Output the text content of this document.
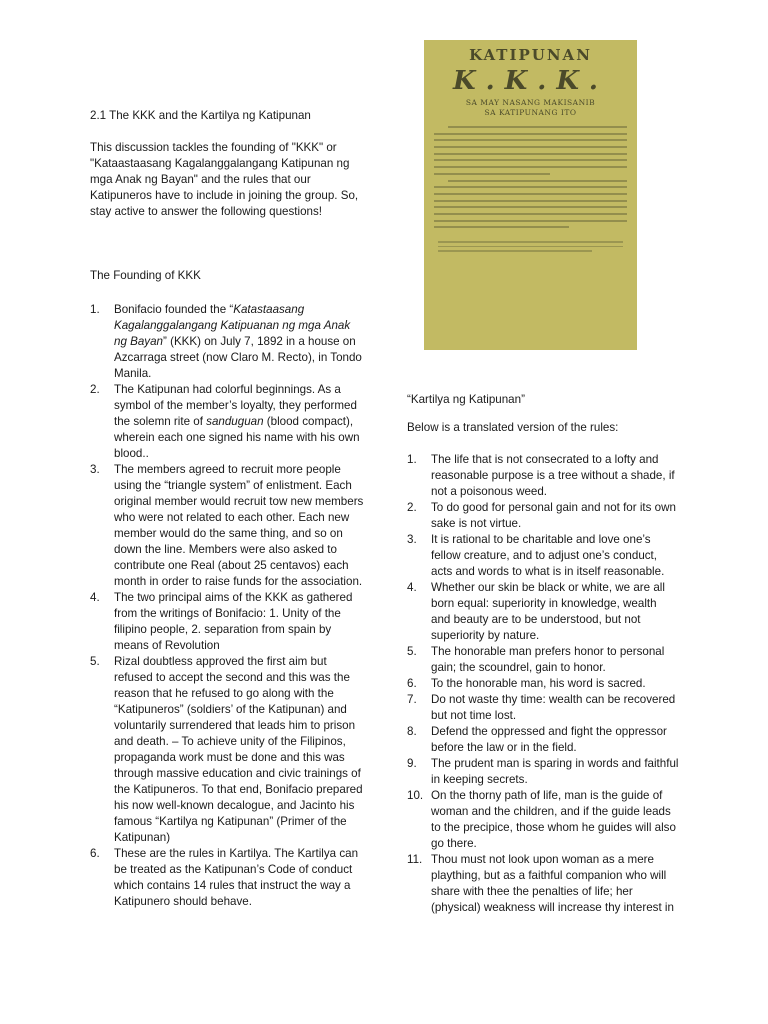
KATIPUNAN
K.K.K.
SA MAY NASANG MAKISANIB
SA KATIPUNANG ITO

2.1 The KKK and the Kartilya ng Katipunan

This discussion tackles the founding of "KKK" or "Kataastaasang Kagalanggalangang Katipunan ng mga Anak ng Bayan" and the rules that our Katipuneros have to include in joining the group. So, stay active to answer the following questions!

The Founding of KKK

1. Bonifacio founded the “Katastaasang Kagalanggalangang Katipuanan ng mga Anak ng Bayan” (KKK) on July 7, 1892 in a house on Azcarraga street (now Claro M. Recto), in Tondo Manila.
2. The Katipunan had colorful beginnings. As a symbol of the member’s loyalty, they performed the solemn rite of sanduguan (blood compact), wherein each one signed his name with his own blood..
3. The members agreed to recruit more people using the “triangle system” of enlistment. Each original member would recruit tow new members who were not related to each other. Each new member would do the same thing, and so on down the line. Members were also asked to contribute one Real (about 25 centavos) each month in order to raise funds for the association.
4. The two principal aims of the KKK as gathered from the writings of Bonifacio: 1. Unity of the filipino people, 2. separation from spain by means of Revolution
5. Rizal doubtless approved the first aim but refused to accept the second and this was the reason that he refused to go along with the “Katipuneros” (soldiers’ of the Katipunan) and voluntarily surrendered that leads him to prison and death. – To achieve unity of the Filipinos, propaganda work must be done and this was through massive education and civic trainings of the Katipuneros. To that end, Bonifacio prepared his now well-known decalogue, and Jacinto his famous “Kartilya ng Katipunan” (Primer of the Katipunan)
6. These are the rules in Kartilya. The Kartilya can be treated as the Katipunan’s Code of conduct which contains 14 rules that instruct the way a Katipunero should behave.

“Kartilya ng Katipunan”

Below is a translated version of the rules:

1. The life that is not consecrated to a lofty and reasonable purpose is a tree without a shade, if not a poisonous weed.
2. To do good for personal gain and not for its own sake is not virtue.
3. It is rational to be charitable and love one’s fellow creature, and to adjust one’s conduct, acts and words to what is in itself reasonable.
4. Whether our skin be black or white, we are all born equal: superiority in knowledge, wealth and beauty are to be understood, but not superiority by nature.
5. The honorable man prefers honor to personal gain; the scoundrel, gain to honor.
6. To the honorable man, his word is sacred.
7. Do not waste thy time: wealth can be recovered but not time lost.
8. Defend the oppressed and fight the oppressor before the law or in the field.
9. The prudent man is sparing in words and faithful in keeping secrets.
10. On the thorny path of life, man is the guide of woman and the children, and if the guide leads to the precipice, those whom he guides will also go there.
11. Thou must not look upon woman as a mere plaything, but as a faithful companion who will share with thee the penalties of life; her (physical) weakness will increase thy interest in
